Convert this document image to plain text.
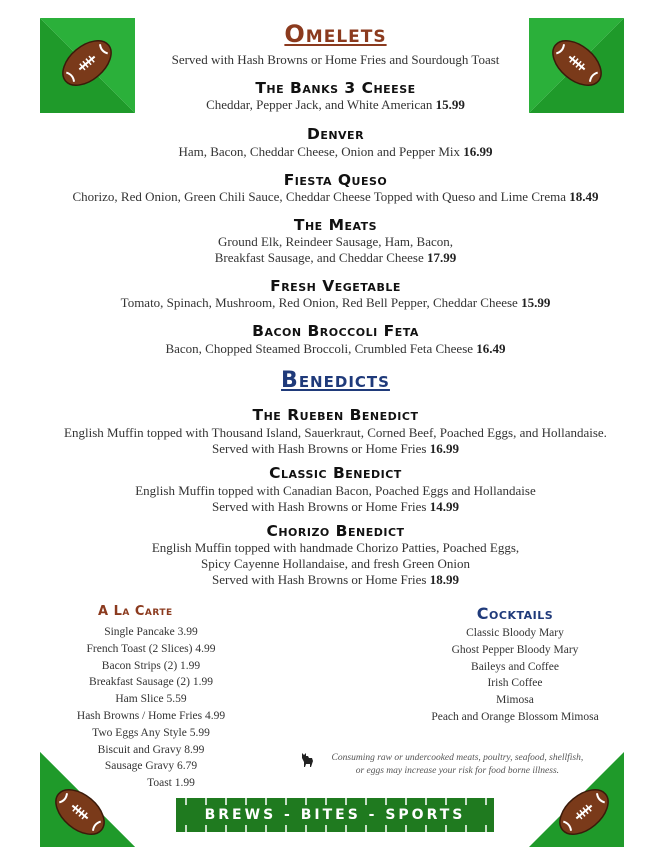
Omelets
Served with Hash Browns or Home Fries and Sourdough Toast
The Banks 3 Cheese
Cheddar, Pepper Jack, and White American 15.99
Denver
Ham, Bacon, Cheddar Cheese, Onion and Pepper Mix 16.99
Fiesta Queso
Chorizo, Red Onion, Green Chili Sauce, Cheddar Cheese Topped with Queso and Lime Crema 18.49
The Meats
Ground Elk, Reindeer Sausage, Ham, Bacon,
Breakfast Sausage, and Cheddar Cheese 17.99
Fresh Vegetable
Tomato, Spinach, Mushroom, Red Onion, Red Bell Pepper, Cheddar Cheese 15.99
Bacon Broccoli Feta
Bacon, Chopped Steamed Broccoli, Crumbled Feta Cheese 16.49
Benedicts
The Rueben Benedict
English Muffin topped with Thousand Island, Sauerkraut, Corned Beef, Poached Eggs, and Hollandaise.
Served with Hash Browns or Home Fries 16.99
Classic Benedict
English Muffin topped with Canadian Bacon, Poached Eggs and Hollandaise
Served with Hash Browns or Home Fries 14.99
Chorizo Benedict
English Muffin topped with handmade Chorizo Patties, Poached Eggs,
Spicy Cayenne Hollandaise, and fresh Green Onion
Served with Hash Browns or Home Fries 18.99
A La Carte
Single Pancake 3.99
French Toast (2 Slices) 4.99
Bacon Strips (2) 1.99
Breakfast Sausage (2) 1.99
Ham Slice 5.59
Hash Browns / Home Fries 4.99
Two Eggs Any Style 5.99
Biscuit and Gravy 8.99
Sausage Gravy 6.79
Toast 1.99
Cocktails
Classic Bloody Mary
Ghost Pepper Bloody Mary
Baileys and Coffee
Irish Coffee
Mimosa
Peach and Orange Blossom Mimosa

Consuming raw or undercooked meats, poultry, seafood, shellfish,
or eggs may increase your risk for food borne illness.
BREWS - BITES - SPORTS
